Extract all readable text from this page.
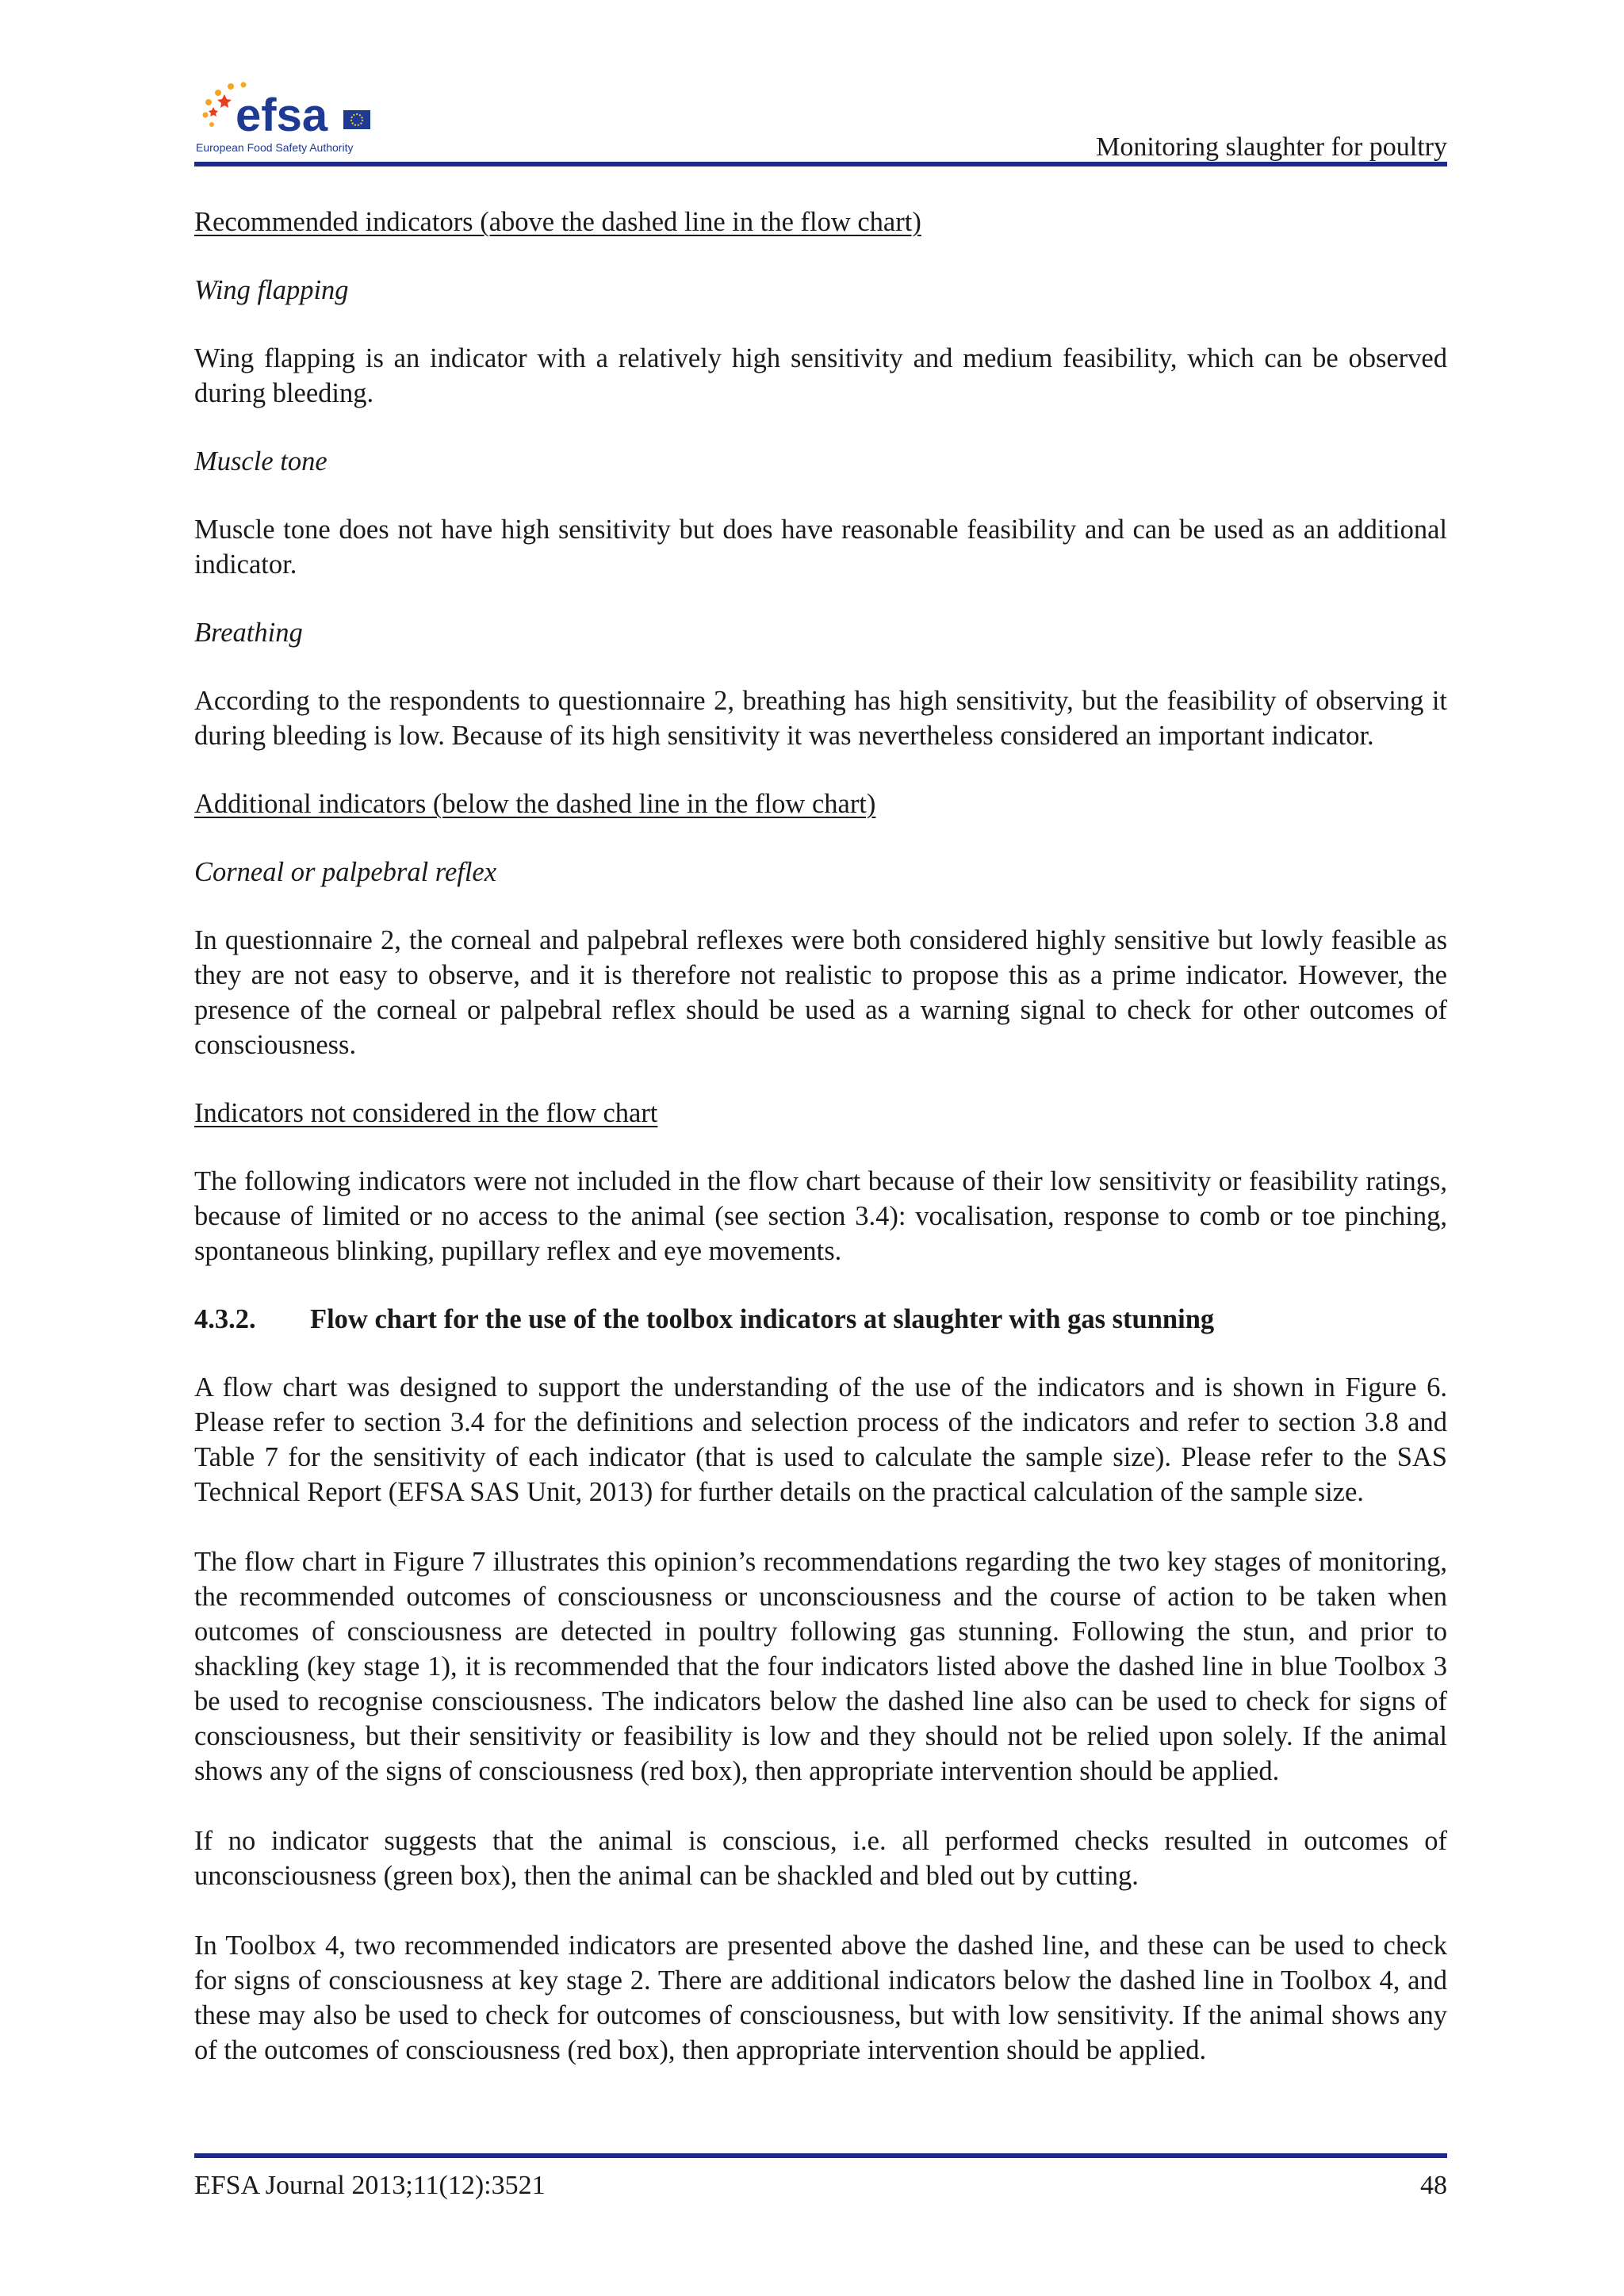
efsa
European Food Safety Authority	Monitoring slaughter for poultry

Recommended indicators (above the dashed line in the flow chart)

Wing flapping

Wing flapping is an indicator with a relatively high sensitivity and medium feasibility, which can be observed during bleeding.

Muscle tone

Muscle tone does not have high sensitivity but does have reasonable feasibility and can be used as an additional indicator.

Breathing

According to the respondents to questionnaire 2, breathing has high sensitivity, but the feasibility of observing it during bleeding is low. Because of its high sensitivity it was nevertheless considered an important indicator.

Additional indicators (below the dashed line in the flow chart)

Corneal or palpebral reflex

In questionnaire 2, the corneal and palpebral reflexes were both considered highly sensitive but lowly feasible as they are not easy to observe, and it is therefore not realistic to propose this as a prime indicator. However, the presence of the corneal or palpebral reflex should be used as a warning signal to check for other outcomes of consciousness.

Indicators not considered in the flow chart

The following indicators were not included in the flow chart because of their low sensitivity or feasibility ratings, because of limited or no access to the animal (see section 3.4): vocalisation, response to comb or toe pinching, spontaneous blinking, pupillary reflex and eye movements.

4.3.2. Flow chart for the use of the toolbox indicators at slaughter with gas stunning

A flow chart was designed to support the understanding of the use of the indicators and is shown in Figure 6. Please refer to section 3.4 for the definitions and selection process of the indicators and refer to section 3.8 and Table 7 for the sensitivity of each indicator (that is used to calculate the sample size). Please refer to the SAS Technical Report (EFSA SAS Unit, 2013) for further details on the practical calculation of the sample size.

The flow chart in Figure 7 illustrates this opinion’s recommendations regarding the two key stages of monitoring, the recommended outcomes of consciousness or unconsciousness and the course of action to be taken when outcomes of consciousness are detected in poultry following gas stunning. Following the stun, and prior to shackling (key stage 1), it is recommended that the four indicators listed above the dashed line in blue Toolbox 3 be used to recognise consciousness. The indicators below the dashed line also can be used to check for signs of consciousness, but their sensitivity or feasibility is low and they should not be relied upon solely. If the animal shows any of the signs of consciousness (red box), then appropriate intervention should be applied.

If no indicator suggests that the animal is conscious, i.e. all performed checks resulted in outcomes of unconsciousness (green box), then the animal can be shackled and bled out by cutting.

In Toolbox 4, two recommended indicators are presented above the dashed line, and these can be used to check for signs of consciousness at key stage 2. There are additional indicators below the dashed line in Toolbox 4, and these may also be used to check for outcomes of consciousness, but with low sensitivity. If the animal shows any of the outcomes of consciousness (red box), then appropriate intervention should be applied.

EFSA Journal 2013;11(12):3521	48
